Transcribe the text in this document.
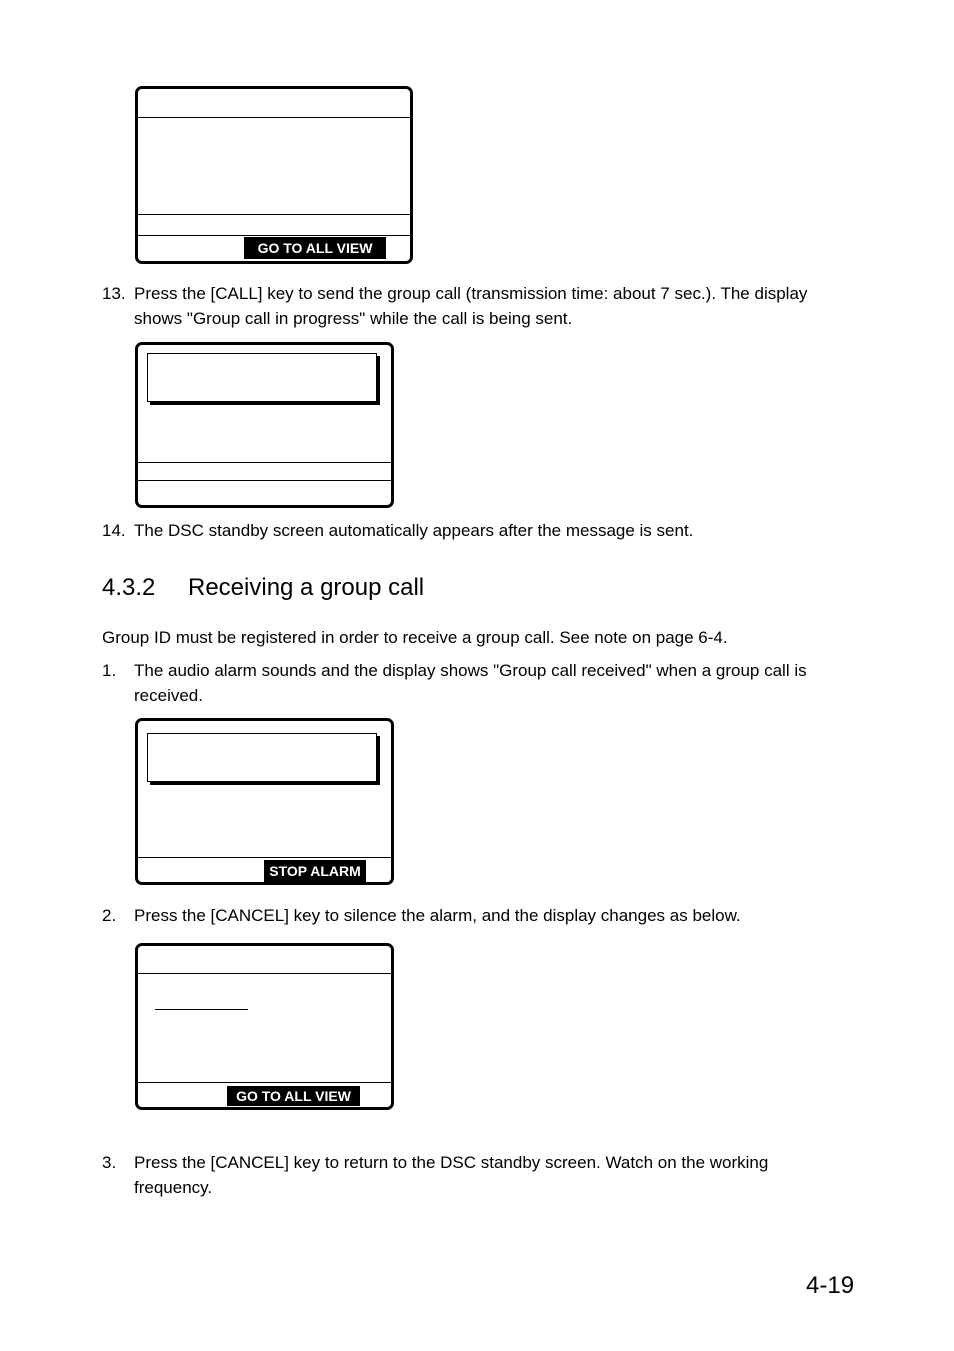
GO TO ALL VIEW
13. Press the [CALL] key to send the group call (transmission time: about 7 sec.). The display
shows "Group call in progress" while the call is being sent.
14. The DSC standby screen automatically appears after the message is sent.
4.3.2 Receiving a group call
Group ID must be registered in order to receive a group call. See note on page 6-4.
1. The audio alarm sounds and the display shows "Group call received" when a group call is
received.
STOP ALARM
2. Press the [CANCEL] key to silence the alarm, and the display changes as below.
GO TO ALL VIEW
3. Press the [CANCEL] key to return to the DSC standby screen. Watch on the working
frequency.
4-19
